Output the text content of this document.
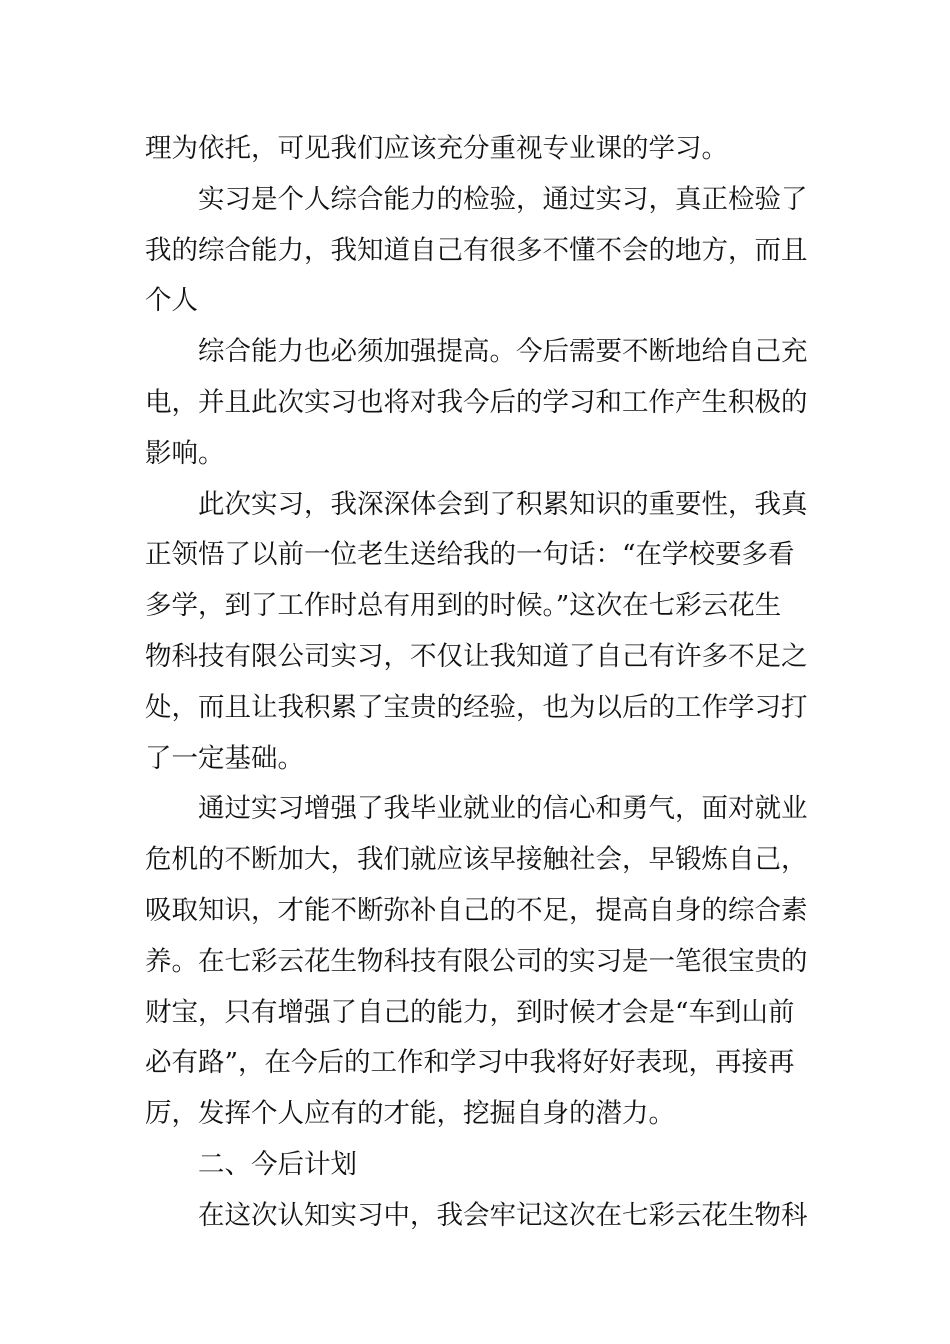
理为依托，可见我们应该充分重视专业课的学习。
实习是个人综合能力的检验，通过实习，真正检验了
我的综合能力，我知道自己有很多不懂不会的地方，而且
个人
综合能力也必须加强提高。今后需要不断地给自己充
电，并且此次实习也将对我今后的学习和工作产生积极的
影响。
此次实习，我深深体会到了积累知识的重要性，我真
正领悟了以前一位老生送给我的一句话：“在学校要多看
多学，到了工作时总有用到的时候。”这次在七彩云花生
物科技有限公司实习，不仅让我知道了自己有许多不足之
处，而且让我积累了宝贵的经验，也为以后的工作学习打
了一定基础。
通过实习增强了我毕业就业的信心和勇气，面对就业
危机的不断加大，我们就应该早接触社会，早锻炼自己，
吸取知识，才能不断弥补自己的不足，提高自身的综合素
养。在七彩云花生物科技有限公司的实习是一笔很宝贵的
财宝，只有增强了自己的能力，到时候才会是“车到山前
必有路”，在今后的工作和学习中我将好好表现，再接再
厉，发挥个人应有的才能，挖掘自身的潜力。
二、今后计划
在这次认知实习中，我会牢记这次在七彩云花生物科
